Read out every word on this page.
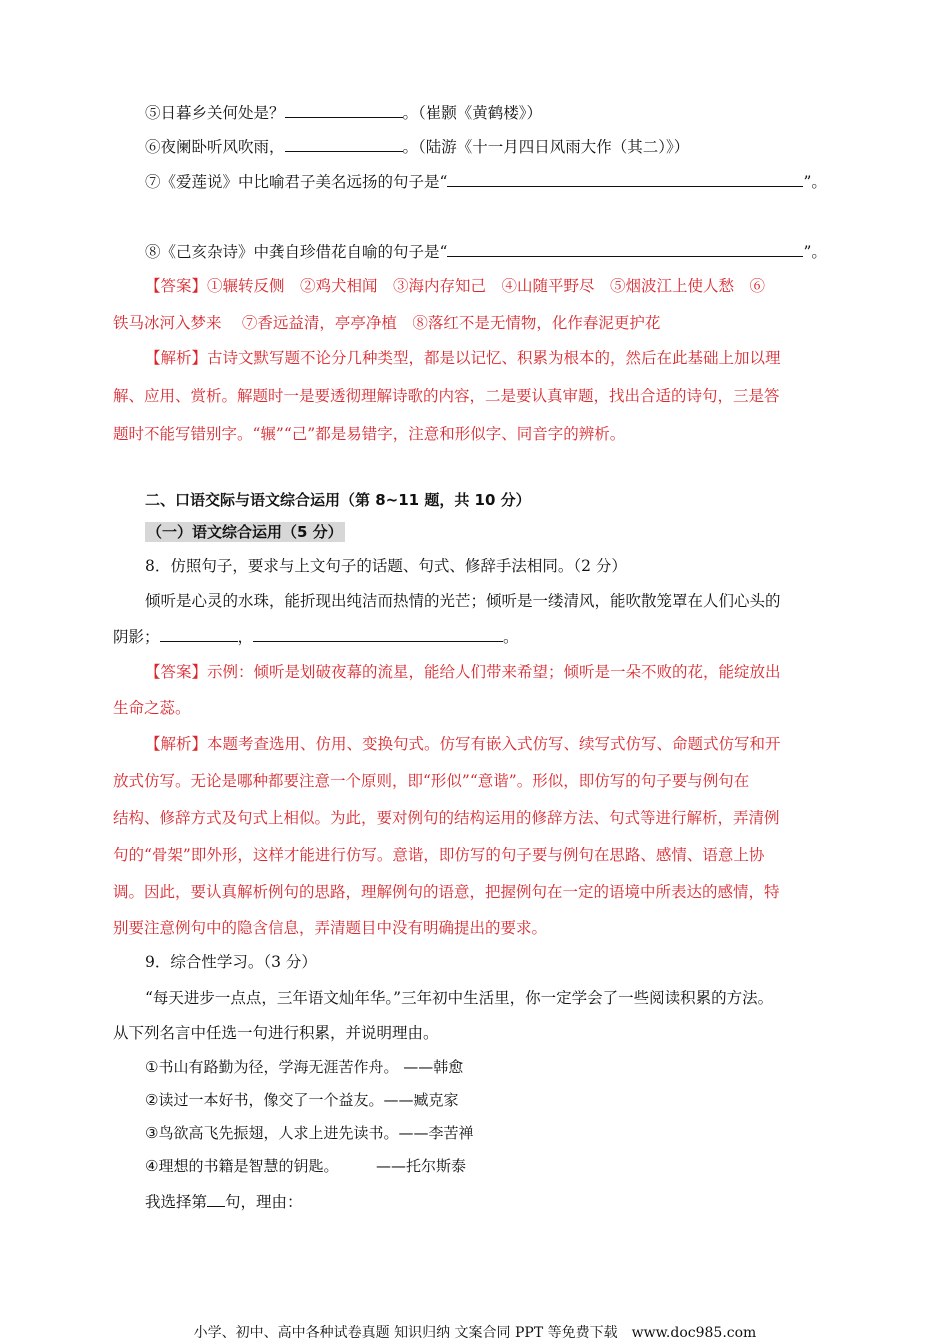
⑤日暮乡关何处是？	。（崔颢《黄鹤楼》）
⑥夜阑卧听风吹雨，	。（陆游《十一月四日风雨大作（其二）》）
⑦《爱莲说》中比喻君子美名远扬的句子是“	”。
⑧《己亥杂诗》中龚自珍借花自喻的句子是“	”。
【答案】①辗转反侧　②鸡犬相闻　③海内存知己　④山随平野尽　⑤烟波江上使人愁　⑥
铁马冰河入梦来　 ⑦香远益清，亭亭净植　⑧落红不是无情物，化作春泥更护花
【解析】古诗文默写题不论分几种类型，都是以记忆、积累为根本的，然后在此基础上加以理
解、应用、赏析。解题时一是要透彻理解诗歌的内容，二是要认真审题，找出合适的诗句，三是答
题时不能写错别字。“辗”“己”都是易错字，注意和形似字、同音字的辨析。
二、口语交际与语文综合运用（第 8~11 题，共 10 分）
（一）语文综合运用（5 分）
8．仿照句子，要求与上文句子的话题、句式、修辞手法相同。（2 分）
倾听是心灵的水珠，能折现出纯洁而热情的光芒；倾听是一缕清风，能吹散笼罩在人们心头的
阴影；	，	。
【答案】示例：倾听是划破夜幕的流星，能给人们带来希望；倾听是一朵不败的花，能绽放出
生命之蕊。
【解析】本题考查选用、仿用、变换句式。仿写有嵌入式仿写、续写式仿写、命题式仿写和开
放式仿写。无论是哪种都要注意一个原则，即“形似”“意谐”。形似，即仿写的句子要与例句在
结构、修辞方式及句式上相似。为此，要对例句的结构运用的修辞方法、句式等进行解析，弄清例
句的“骨架”即外形，这样才能进行仿写。意谐，即仿写的句子要与例句在思路、感情、语意上协
调。因此，要认真解析例句的思路，理解例句的语意，把握例句在一定的语境中所表达的感情，特
别要注意例句中的隐含信息，弄清题目中没有明确提出的要求。
9．综合性学习。（3 分）
“每天进步一点点，三年语文灿年华。”三年初中生活里，你一定学会了一些阅读积累的方法。
从下列名言中任选一句进行积累，并说明理由。
①书山有路勤为径，学海无涯苦作舟。 ——韩愈
②读过一本好书，像交了一个益友。——臧克家
③鸟欲高飞先振翅，人求上进先读书。——李苦禅
④理想的书籍是智慧的钥匙。　　　——托尔斯泰
我选择第 句，理由：
小学、初中、高中各种试卷真题 知识归纳 文案合同 PPT 等免费下载　www.doc985.com
